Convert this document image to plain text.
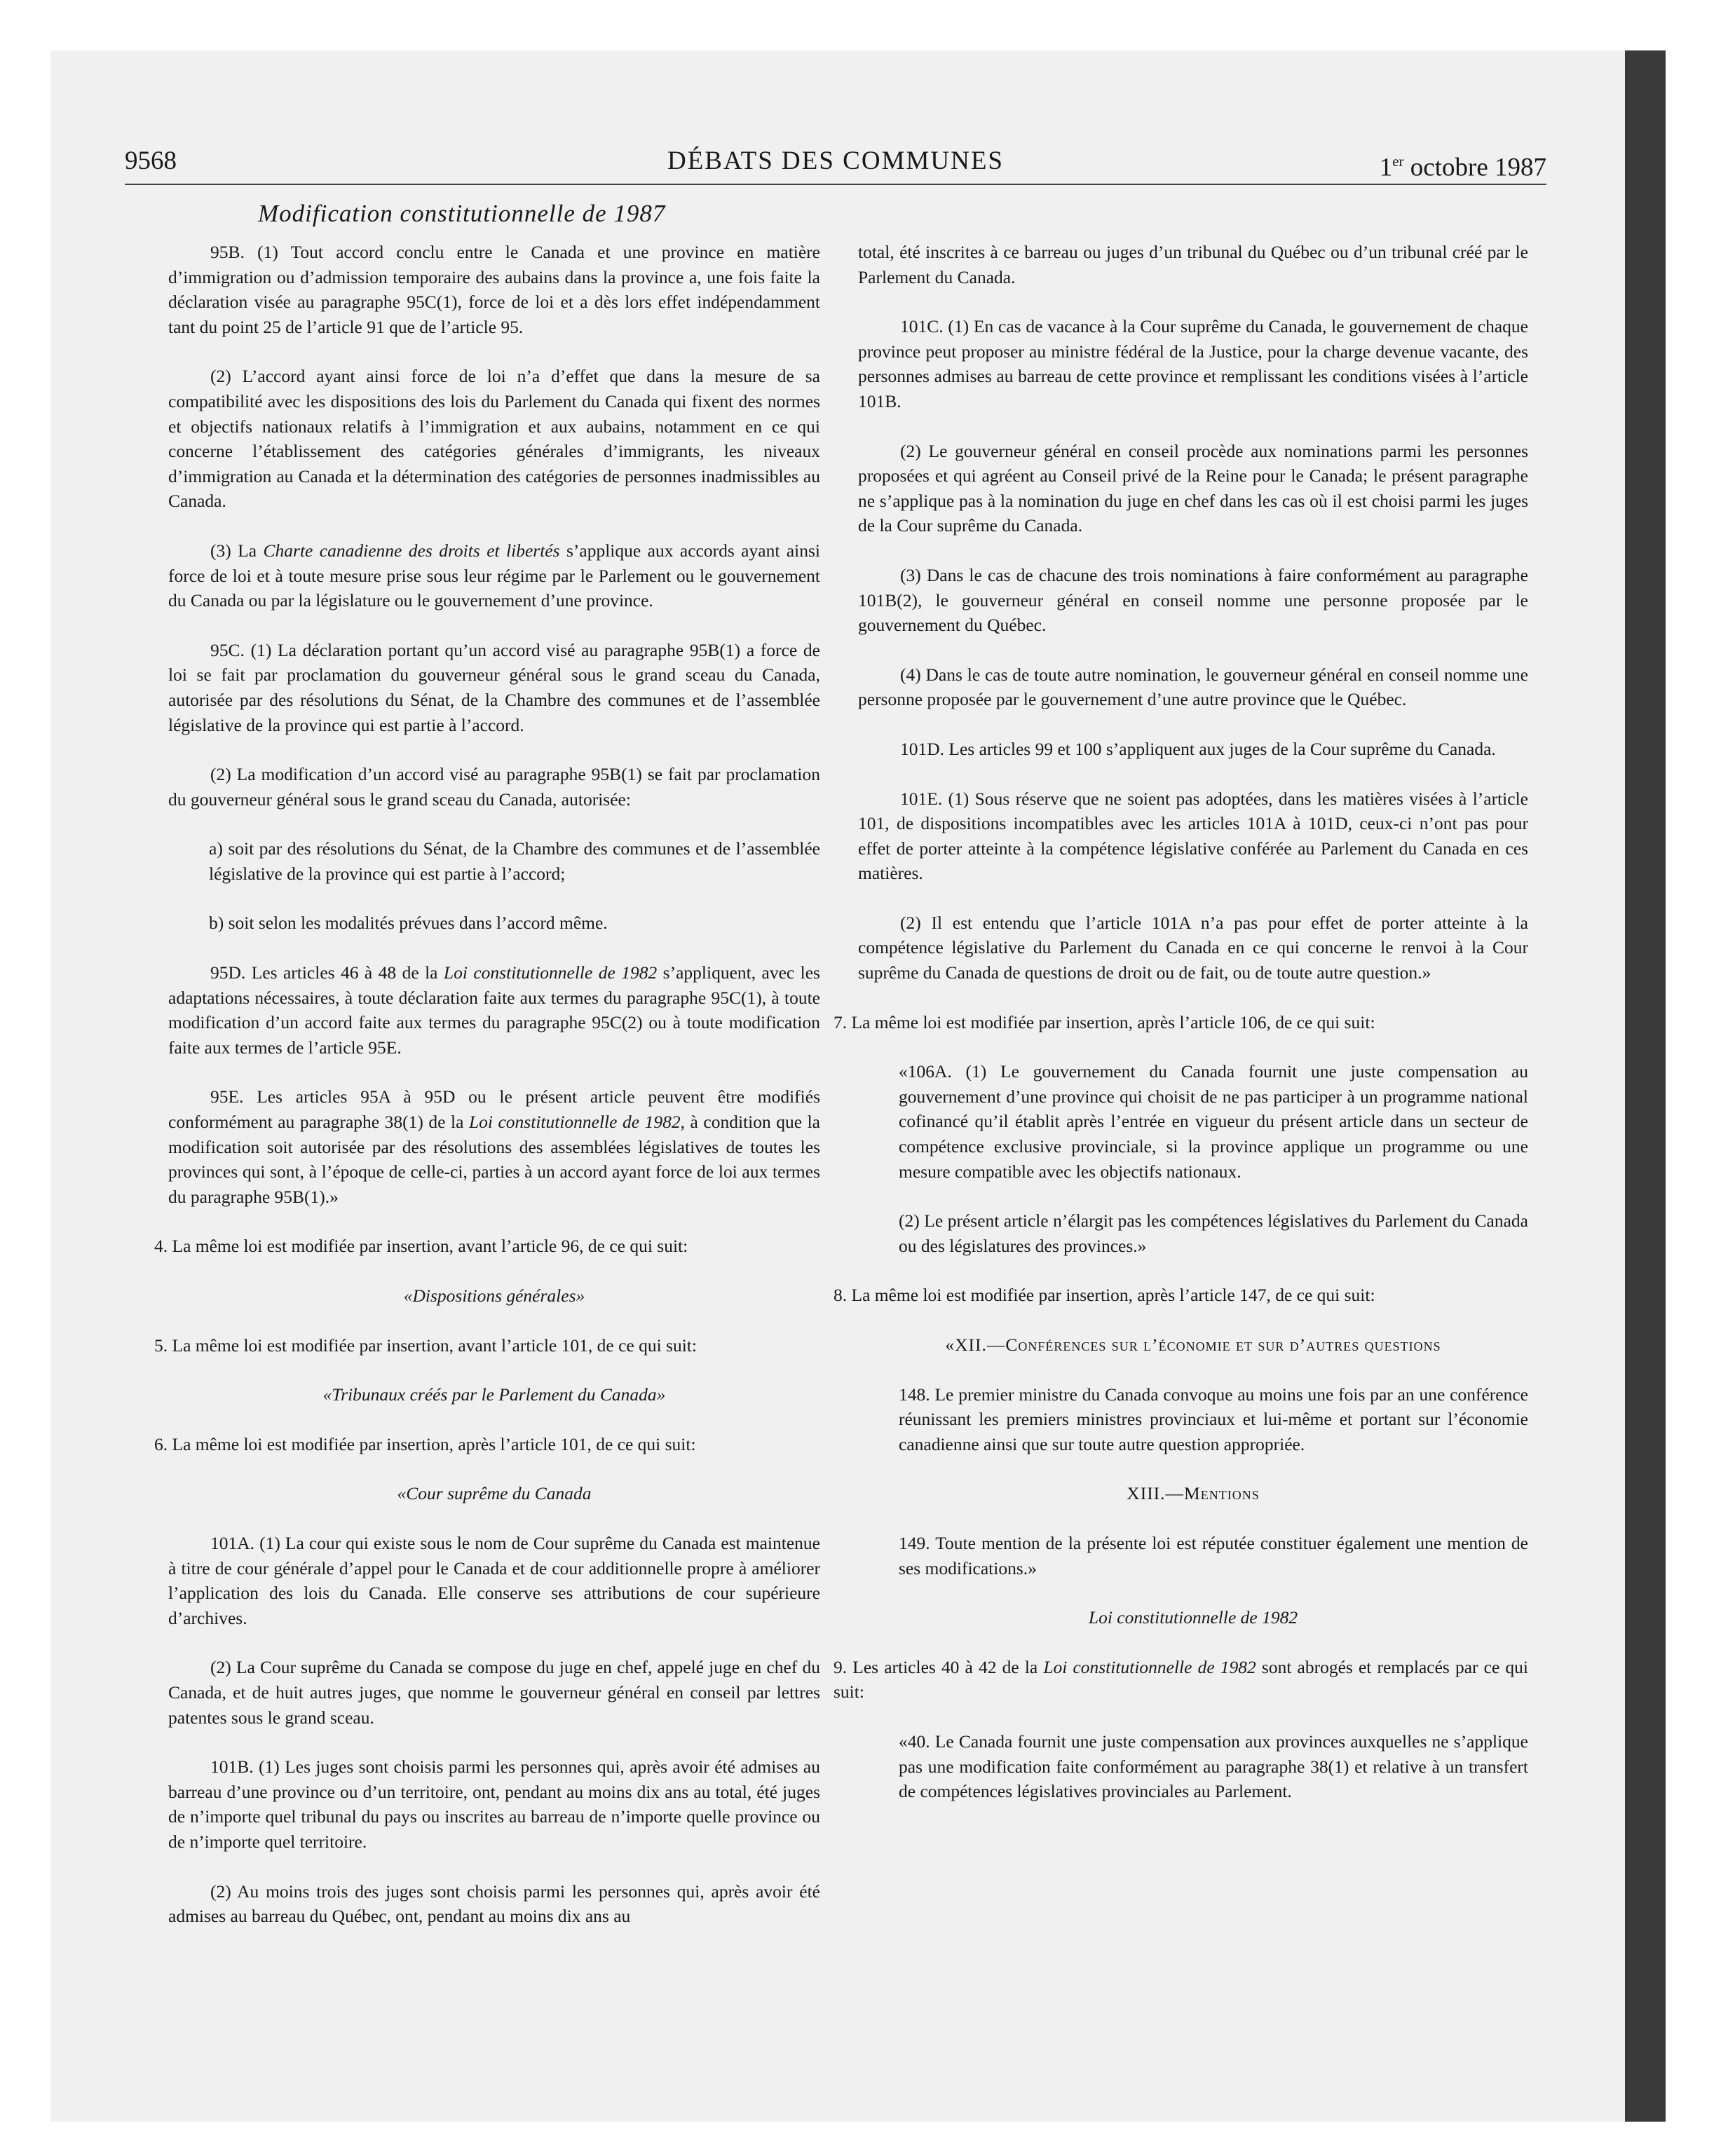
9568	DÉBATS DES COMMUNES	1er octobre 1987
Modification constitutionnelle de 1987

95B. (1) Tout accord conclu entre le Canada et une province en matière d’immigration ou d’admission temporaire des aubains dans la province a, une fois faite la déclaration visée au paragraphe 95C(1), force de loi et a dès lors effet indépendamment tant du point 25 de l’article 91 que de l’article 95.

(2) L’accord ayant ainsi force de loi n’a d’effet que dans la mesure de sa compatibilité avec les dispositions des lois du Parlement du Canada qui fixent des normes et objectifs nationaux relatifs à l’immigration et aux aubains, notamment en ce qui concerne l’établissement des catégories générales d’immigrants, les niveaux d’immigration au Canada et la détermination des catégories de personnes inadmissibles au Canada.

(3) La Charte canadienne des droits et libertés s’applique aux accords ayant ainsi force de loi et à toute mesure prise sous leur régime par le Parlement ou le gouvernement du Canada ou par la législature ou le gouvernement d’une province.

95C. (1) La déclaration portant qu’un accord visé au paragraphe 95B(1) a force de loi se fait par proclamation du gouverneur général sous le grand sceau du Canada, autorisée par des résolutions du Sénat, de la Chambre des communes et de l’assemblée législative de la province qui est partie à l’accord.

(2) La modification d’un accord visé au paragraphe 95B(1) se fait par proclamation du gouverneur général sous le grand sceau du Canada, autorisée:

a) soit par des résolutions du Sénat, de la Chambre des communes et de l’assemblée législative de la province qui est partie à l’accord;

b) soit selon les modalités prévues dans l’accord même.

95D. Les articles 46 à 48 de la Loi constitutionnelle de 1982 s’appliquent, avec les adaptations nécessaires, à toute déclaration faite aux termes du paragraphe 95C(1), à toute modification d’un accord faite aux termes du paragraphe 95C(2) ou à toute modification faite aux termes de l’article 95E.

95E. Les articles 95A à 95D ou le présent article peuvent être modifiés conformément au paragraphe 38(1) de la Loi constitutionnelle de 1982, à condition que la modification soit autorisée par des résolutions des assemblées législatives de toutes les provinces qui sont, à l’époque de celle-ci, parties à un accord ayant force de loi aux termes du paragraphe 95B(1).»

4. La même loi est modifiée par insertion, avant l’article 96, de ce qui suit:

«Dispositions générales»

5. La même loi est modifiée par insertion, avant l’article 101, de ce qui suit:

«Tribunaux créés par le Parlement du Canada»

6. La même loi est modifiée par insertion, après l’article 101, de ce qui suit:

«Cour suprême du Canada

101A. (1) La cour qui existe sous le nom de Cour suprême du Canada est maintenue à titre de cour générale d’appel pour le Canada et de cour additionnelle propre à améliorer l’application des lois du Canada. Elle conserve ses attributions de cour supérieure d’archives.

(2) La Cour suprême du Canada se compose du juge en chef, appelé juge en chef du Canada, et de huit autres juges, que nomme le gouverneur général en conseil par lettres patentes sous le grand sceau.

101B. (1) Les juges sont choisis parmi les personnes qui, après avoir été admises au barreau d’une province ou d’un territoire, ont, pendant au moins dix ans au total, été juges de n’importe quel tribunal du pays ou inscrites au barreau de n’importe quelle province ou de n’importe quel territoire.

(2) Au moins trois des juges sont choisis parmi les personnes qui, après avoir été admises au barreau du Québec, ont, pendant au moins dix ans au

total, été inscrites à ce barreau ou juges d’un tribunal du Québec ou d’un tribunal créé par le Parlement du Canada.

101C. (1) En cas de vacance à la Cour suprême du Canada, le gouvernement de chaque province peut proposer au ministre fédéral de la Justice, pour la charge devenue vacante, des personnes admises au barreau de cette province et remplissant les conditions visées à l’article 101B.

(2) Le gouverneur général en conseil procède aux nominations parmi les personnes proposées et qui agréent au Conseil privé de la Reine pour le Canada; le présent paragraphe ne s’applique pas à la nomination du juge en chef dans les cas où il est choisi parmi les juges de la Cour suprême du Canada.

(3) Dans le cas de chacune des trois nominations à faire conformément au paragraphe 101B(2), le gouverneur général en conseil nomme une personne proposée par le gouvernement du Québec.

(4) Dans le cas de toute autre nomination, le gouverneur général en conseil nomme une personne proposée par le gouvernement d’une autre province que le Québec.

101D. Les articles 99 et 100 s’appliquent aux juges de la Cour suprême du Canada.

101E. (1) Sous réserve que ne soient pas adoptées, dans les matières visées à l’article 101, de dispositions incompatibles avec les articles 101A à 101D, ceux-ci n’ont pas pour effet de porter atteinte à la compétence législative conférée au Parlement du Canada en ces matières.

(2) Il est entendu que l’article 101A n’a pas pour effet de porter atteinte à la compétence législative du Parlement du Canada en ce qui concerne le renvoi à la Cour suprême du Canada de questions de droit ou de fait, ou de toute autre question.»

7. La même loi est modifiée par insertion, après l’article 106, de ce qui suit:

«106A. (1) Le gouvernement du Canada fournit une juste compensation au gouvernement d’une province qui choisit de ne pas participer à un programme national cofinancé qu’il établit après l’entrée en vigueur du présent article dans un secteur de compétence exclusive provinciale, si la province applique un programme ou une mesure compatible avec les objectifs nationaux.

(2) Le présent article n’élargit pas les compétences législatives du Parlement du Canada ou des législatures des provinces.»

8. La même loi est modifiée par insertion, après l’article 147, de ce qui suit:

«XII.—Conférences sur l’économie et sur d’autres questions

148. Le premier ministre du Canada convoque au moins une fois par an une conférence réunissant les premiers ministres provinciaux et lui-même et portant sur l’économie canadienne ainsi que sur toute autre question appropriée.

XIII.—Mentions

149. Toute mention de la présente loi est réputée constituer également une mention de ses modifications.»

Loi constitutionnelle de 1982

9. Les articles 40 à 42 de la Loi constitutionnelle de 1982 sont abrogés et remplacés par ce qui suit:

«40. Le Canada fournit une juste compensation aux provinces auxquelles ne s’applique pas une modification faite conformément au paragraphe 38(1) et relative à un transfert de compétences législatives provinciales au Parlement.
